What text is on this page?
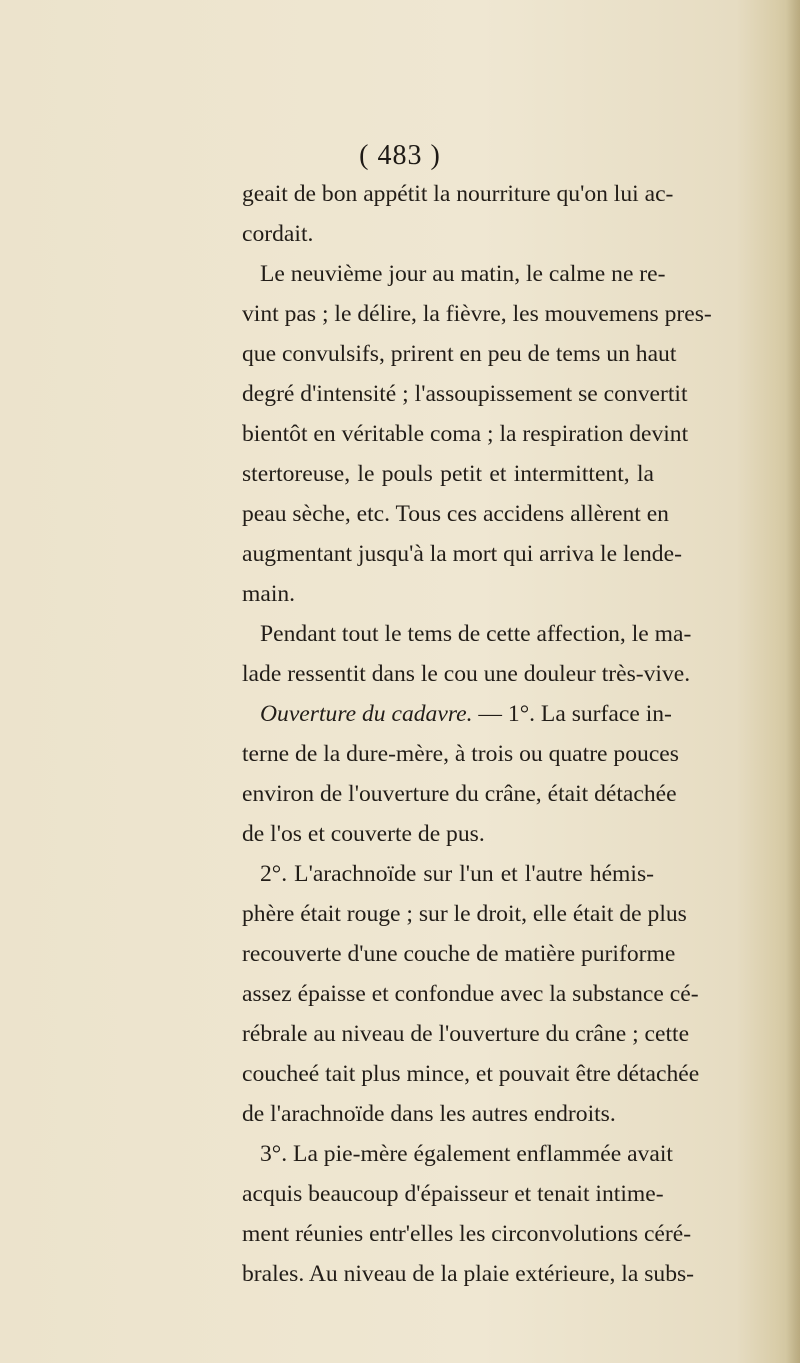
( 483 )
geait de bon appétit la nourriture qu'on lui ac-
cordait.
Le neuvième jour au matin, le calme ne re-
vint pas ; le délire, la fièvre, les mouvemens pres-
que convulsifs, prirent en peu de tems un haut
degré d'intensité ; l'assoupissement se convertit
bientôt en véritable coma ; la respiration devint
stertoreuse, le pouls petit et intermittent, la
peau sèche, etc. Tous ces accidens allèrent en
augmentant jusqu'à la mort qui arriva le lende-
main.
Pendant tout le tems de cette affection, le ma-
lade ressentit dans le cou une douleur très-vive.
Ouverture du cadavre. — 1°. La surface in-
terne de la dure-mère, à trois ou quatre pouces
environ de l'ouverture du crâne, était détachée
de l'os et couverte de pus.
2°. L'arachnoïde sur l'un et l'autre hémis-
phère était rouge ; sur le droit, elle était de plus
recouverte d'une couche de matière puriforme
assez épaisse et confondue avec la substance cé-
rébrale au niveau de l'ouverture du crâne ; cette
coucheé tait plus mince, et pouvait être détachée
de l'arachnoïde dans les autres endroits.
3°. La pie-mère également enflammée avait
acquis beaucoup d'épaisseur et tenait intime-
ment réunies entr'elles les circonvolutions céré-
brales. Au niveau de la plaie extérieure, la subs-
